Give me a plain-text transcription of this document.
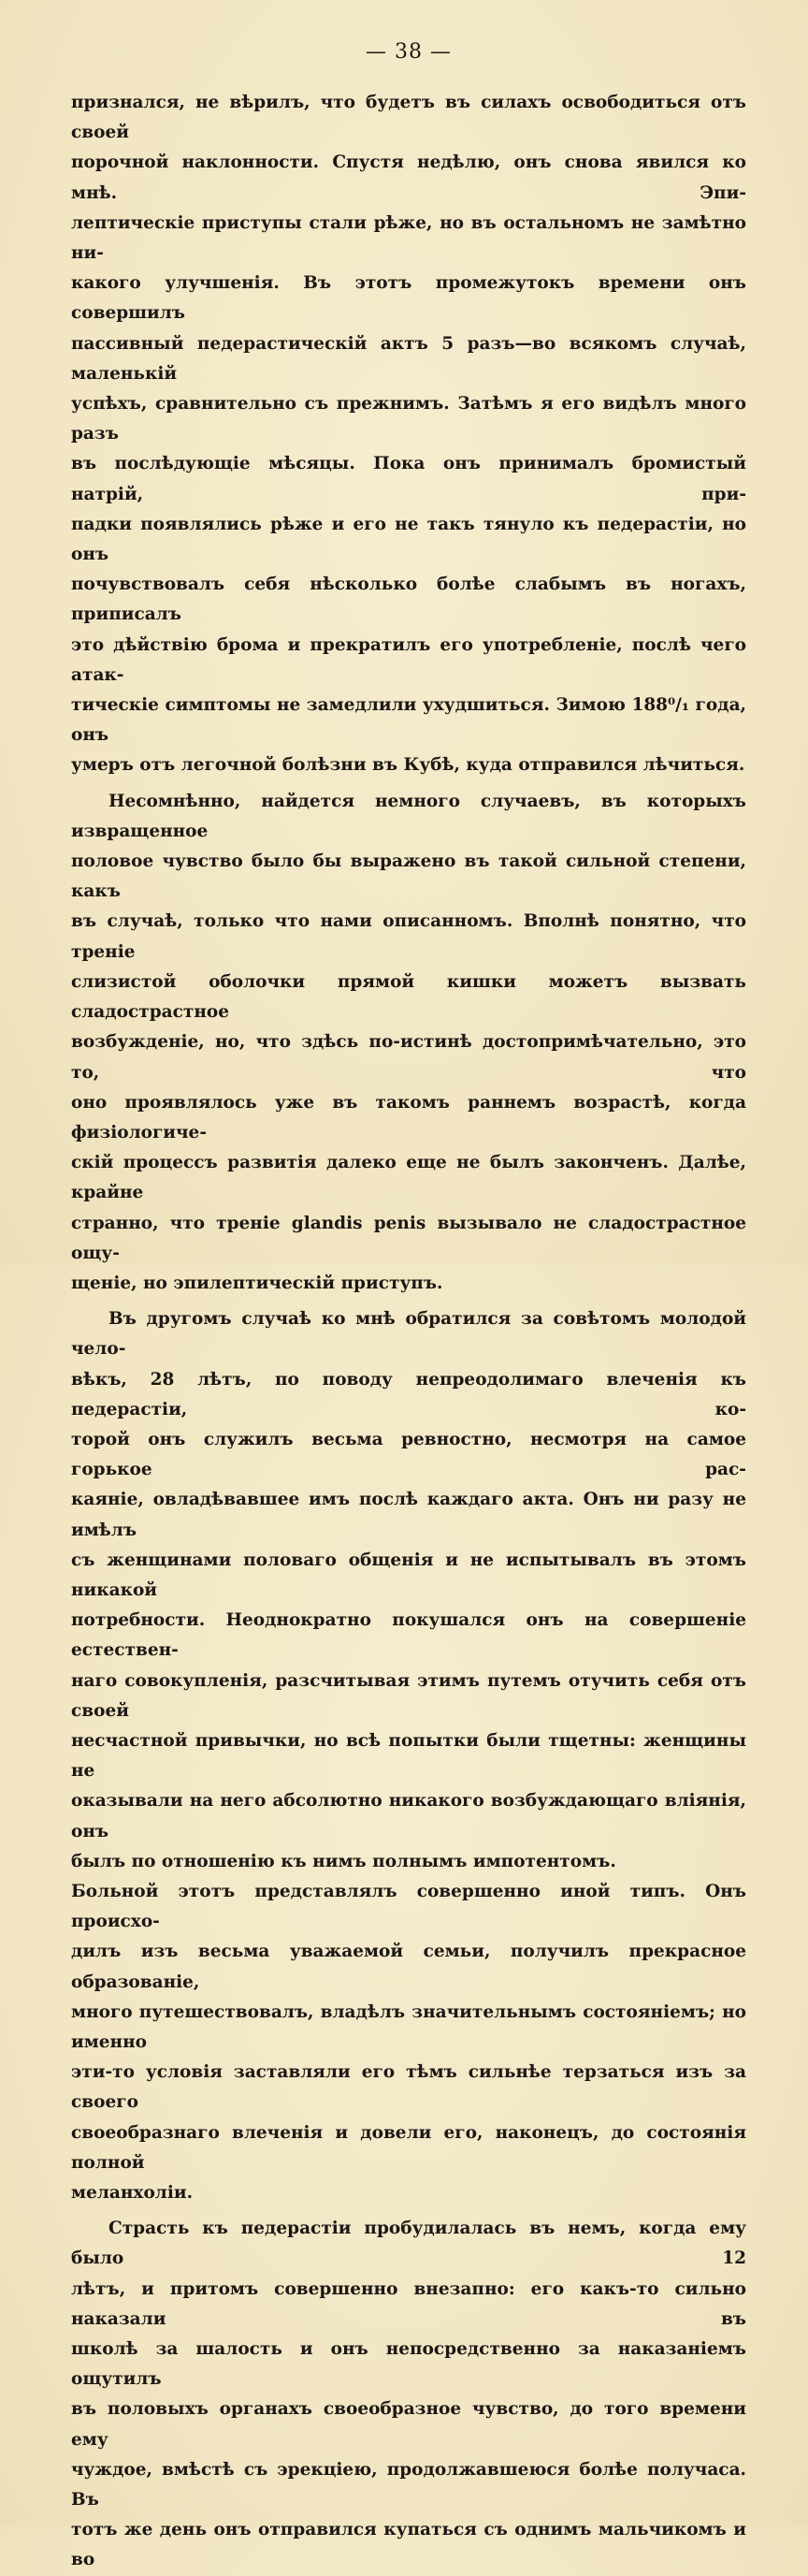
— 38 —

признался, не вѣрилъ, что будетъ въ силахъ освободиться отъ своей

порочной наклонности. Спустя недѣлю, онъ снова явился ко мнѣ. Эпи-

лептическіе приступы стали рѣже, но въ остальномъ не замѣтно ни-

какого улучшенія. Въ этотъ промежутокъ времени онъ совершилъ

пассивный педерастическій актъ 5 разъ—во всякомъ случаѣ, маленькій

успѣхъ, сравнительно съ прежнимъ. Затѣмъ я его видѣлъ много разъ

въ послѣдующіе мѣсяцы. Пока онъ принималъ бромистый натрій, при-

падки появлялись рѣже и его не такъ тянуло къ педерастіи, но онъ

почувствовалъ себя нѣсколько болѣе слабымъ въ ногахъ, приписалъ

это дѣйствію брома и прекратилъ его употребленіе, послѣ чего атак-

тическіе симптомы не замедлили ухудшиться. Зимою 188⁰/₁ года, онъ

умеръ отъ легочной болѣзни въ Кубѣ, куда отправился лѣчиться.

Несомнѣнно, найдется немного случаевъ, въ которыхъ извращенное

половое чувство было бы выражено въ такой сильной степени, какъ

въ случаѣ, только что нами описанномъ. Вполнѣ понятно, что треніе

слизистой оболочки прямой кишки можетъ вызвать сладострастное

возбужденіе, но, что здѣсь по-истинѣ достопримѣчательно, это то, что

оно проявлялось уже въ такомъ раннемъ возрастѣ, когда физіологиче-

скій процессъ развитія далеко еще не былъ законченъ. Далѣе, крайне

странно, что треніе glandis penis вызывало не сладострастное ощу-

щеніе, но эпилептическій приступъ.

Въ другомъ случаѣ ко мнѣ обратился за совѣтомъ молодой чело-

вѣкъ, 28 лѣтъ, по поводу непреодолимаго влеченія къ педерастіи, ко-

торой онъ служилъ весьма ревностно, несмотря на самое горькое рас-

каяніе, овладѣвавшее имъ послѣ каждаго акта. Онъ ни разу не имѣлъ

съ женщинами половаго общенія и не испытывалъ въ этомъ никакой

потребности. Неоднократно покушался онъ на совершеніе естествен-

наго совокупленія, разсчитывая этимъ путемъ отучить себя отъ своей

несчастной привычки, но всѣ попытки были тщетны: женщины не

оказывали на него абсолютно никакого возбуждающаго вліянія, онъ

былъ по отношенію къ нимъ полнымъ импотентомъ.

Больной этотъ представлялъ совершенно иной типъ. Онъ происхо-

дилъ изъ весьма уважаемой семьи, получилъ прекрасное образованіе,

много путешествовалъ, владѣлъ значительнымъ состояніемъ; но именно

эти-то условія заставляли его тѣмъ сильнѣе терзаться изъ за своего

своеобразнаго влеченія и довели его, наконецъ, до состоянія полной

меланхоліи.

Страсть къ педерастіи пробудилалась въ немъ, когда ему было 12

лѣтъ, и притомъ совершенно внезапно: его какъ-то сильно наказали въ

школѣ за шалость и онъ непосредственно за наказаніемъ ощутилъ

въ половыхъ органахъ своеобразное чувство, до того времени ему

чуждое, вмѣстѣ съ эрекціею, продолжавшеюся болѣе получаса. Въ

тотъ же день онъ отправился купаться съ однимъ мальчикомъ и во
